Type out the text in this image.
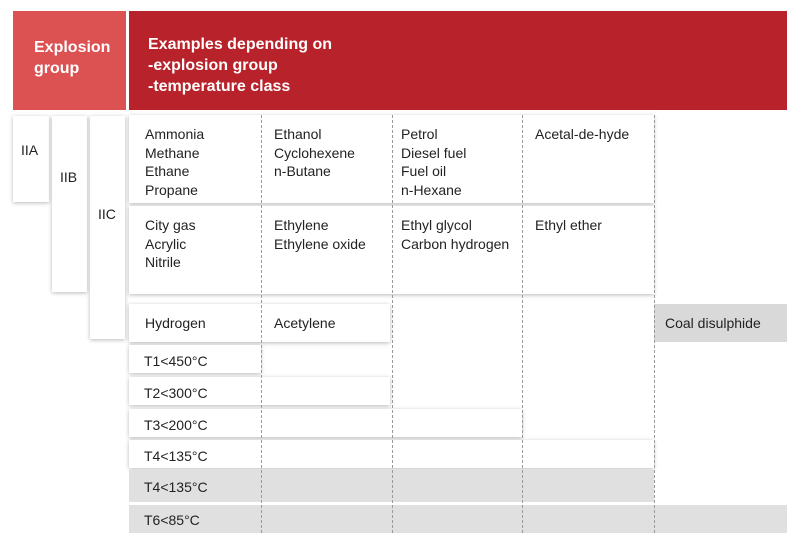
Explosion
group
Examples depending on
-explosion group
-temperature class
IIA
IIB
IIC
Ammonia
Methane
Ethane
Propane
Ethanol
Cyclohexene
n-Butane
Petrol
Diesel fuel
Fuel oil
n-Hexane
Acetal-de-hyde
City gas
Acrylic
Nitrile
Ethylene
Ethylene oxide
Ethyl glycol
Carbon hydrogen
Ethyl ether
Hydrogen	Acetylene	Coal disulphide
T1<450°C
T2<300°C
T3<200°C
T4<135°C
T4<135°C
T6<85°C
